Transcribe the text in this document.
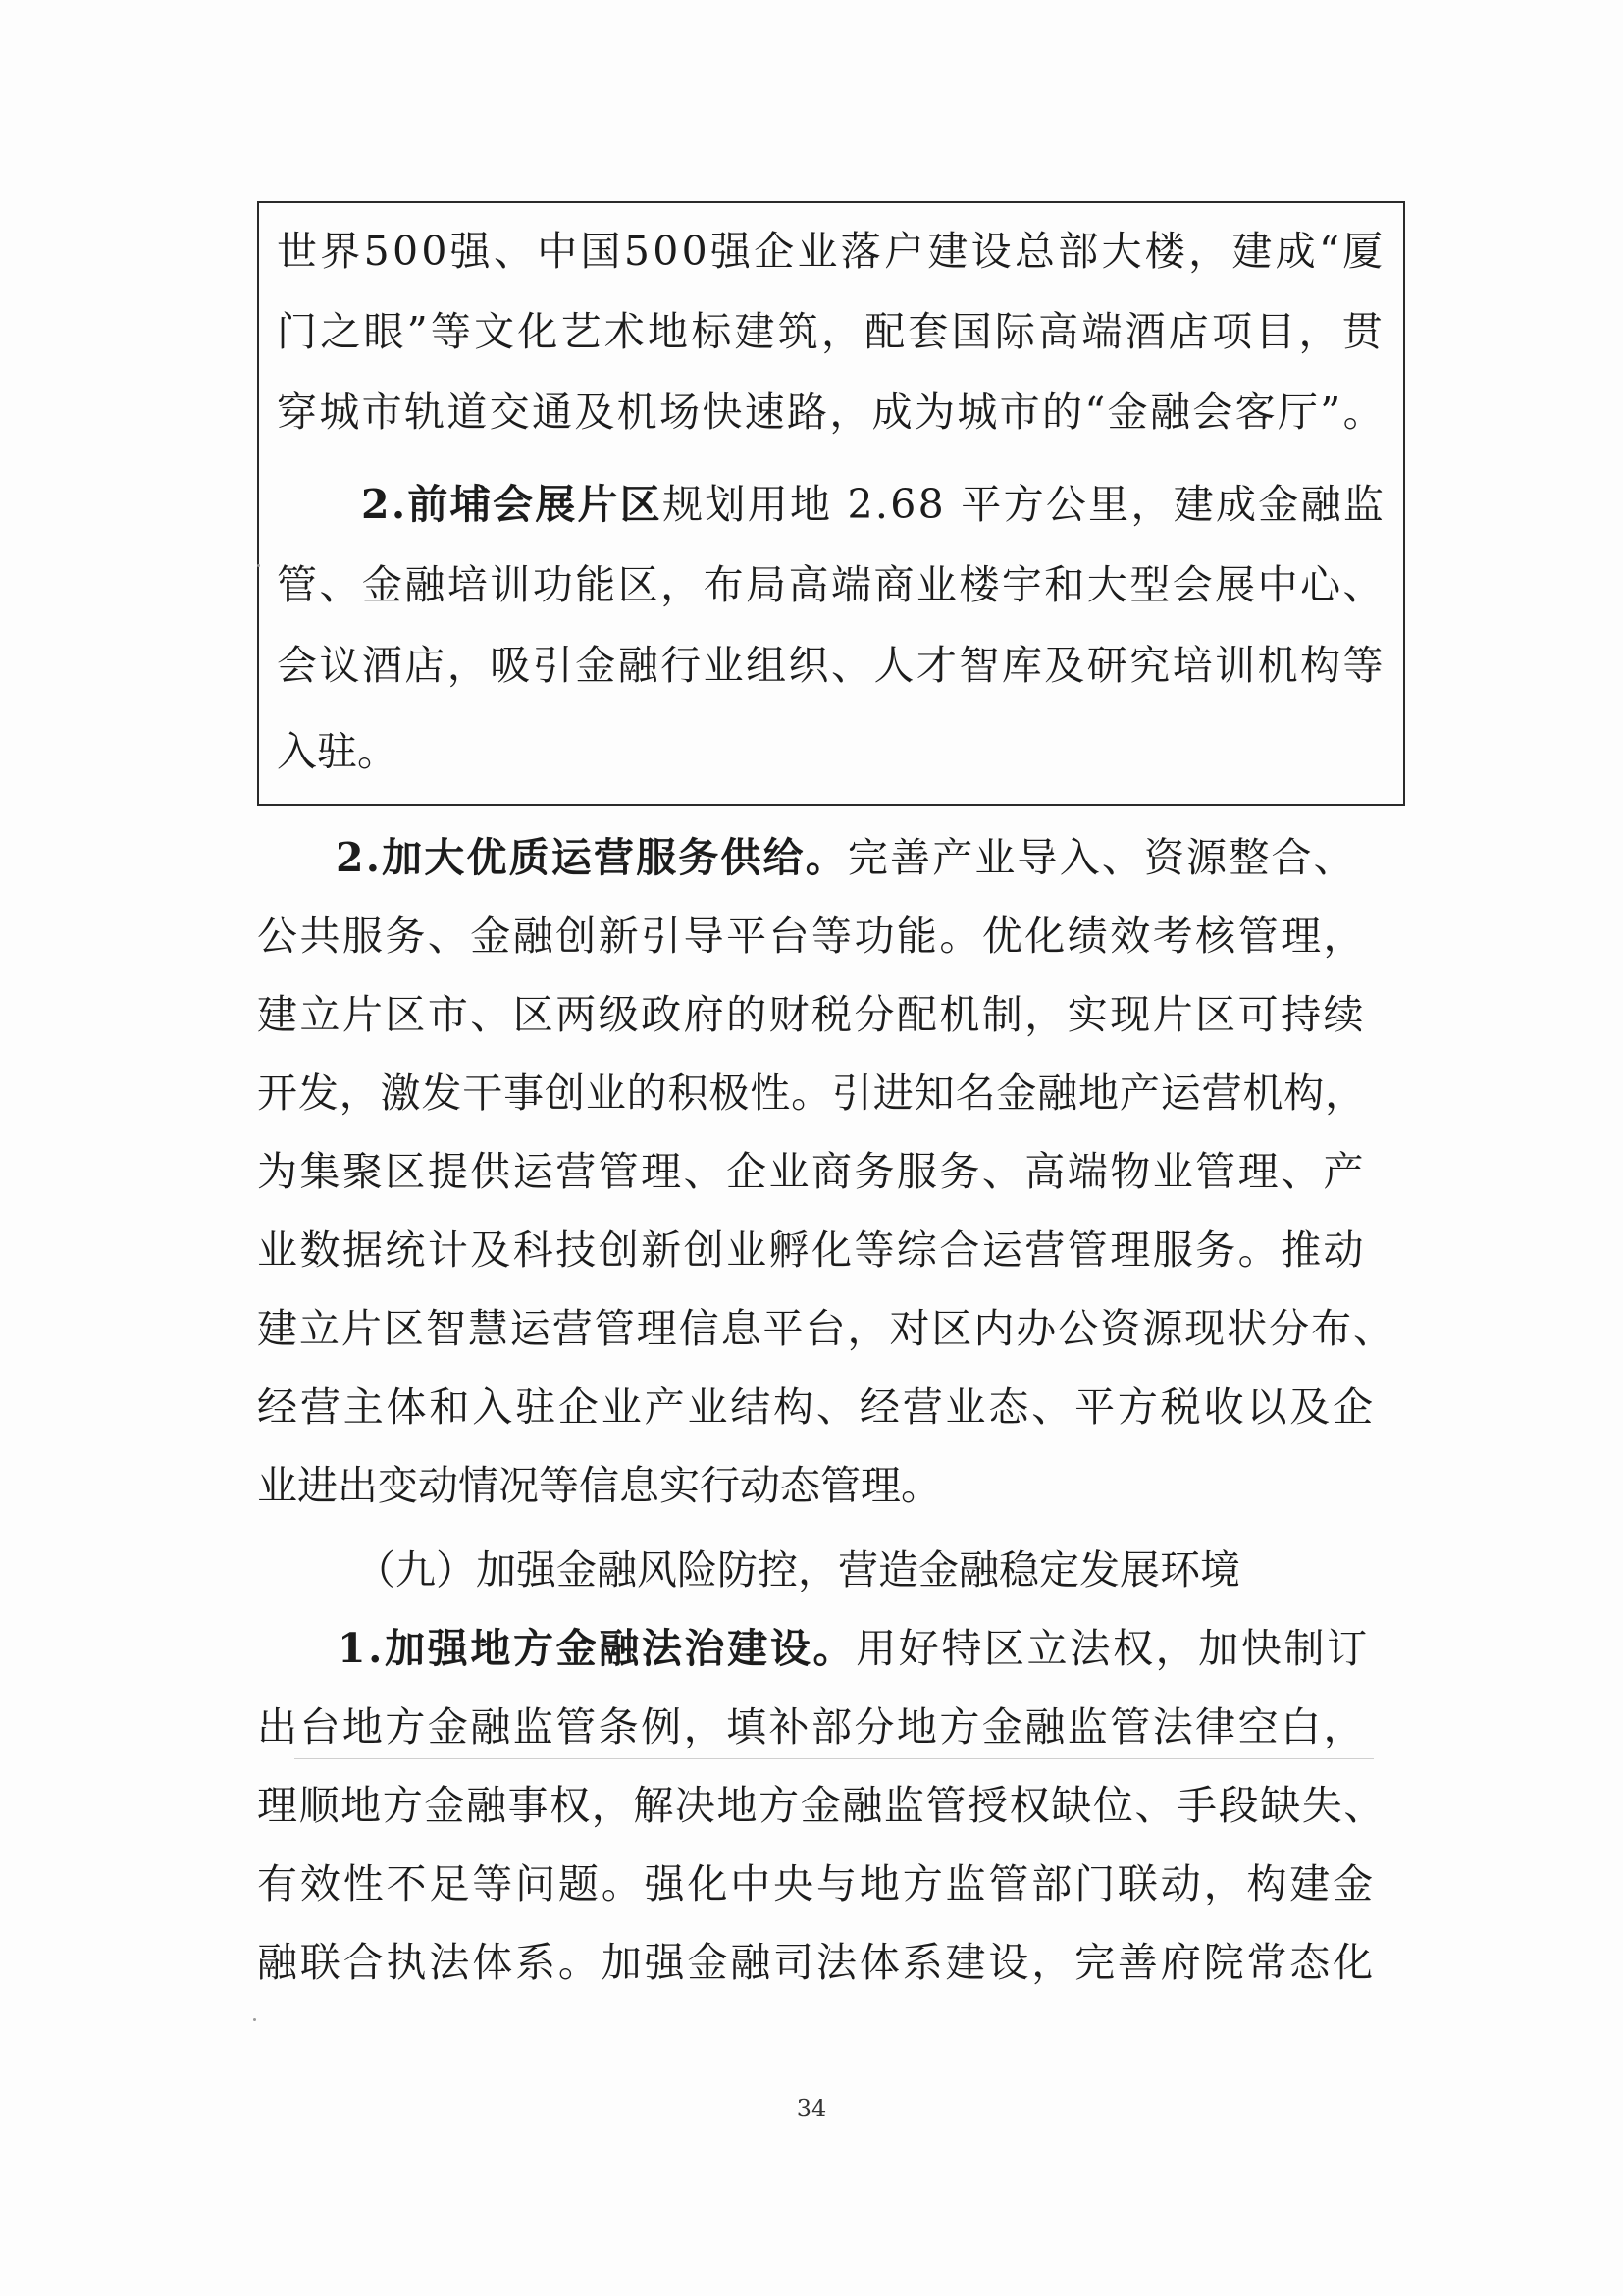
世界500强、中国500强企业落户建设总部大楼，建成“厦
门之眼”等文化艺术地标建筑，配套国际高端酒店项目，贯
穿城市轨道交通及机场快速路，成为城市的“金融会客厅”。
2.前埔会展片区规划用地 2.68 平方公里，建成金融监
管、金融培训功能区，布局高端商业楼宇和大型会展中心、
会议酒店，吸引金融行业组织、人才智库及研究培训机构等
入驻。
2.加大优质运营服务供给。完善产业导入、资源整合、
公共服务、金融创新引导平台等功能。优化绩效考核管理，
建立片区市、区两级政府的财税分配机制，实现片区可持续
开发，激发干事创业的积极性。引进知名金融地产运营机构，
为集聚区提供运营管理、企业商务服务、高端物业管理、产
业数据统计及科技创新创业孵化等综合运营管理服务。推动
建立片区智慧运营管理信息平台，对区内办公资源现状分布、
经营主体和入驻企业产业结构、经营业态、平方税收以及企
业进出变动情况等信息实行动态管理。
（九）加强金融风险防控，营造金融稳定发展环境
1.加强地方金融法治建设。用好特区立法权，加快制订
出台地方金融监管条例，填补部分地方金融监管法律空白，
理顺地方金融事权，解决地方金融监管授权缺位、手段缺失、
有效性不足等问题。强化中央与地方监管部门联动，构建金
融联合执法体系。加强金融司法体系建设，完善府院常态化
34
